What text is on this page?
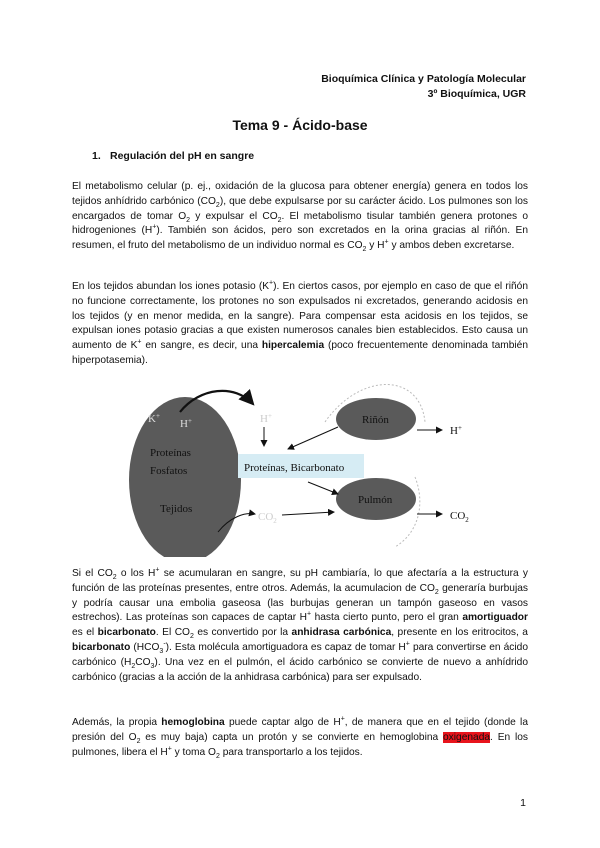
Bioquímica Clínica y Patología Molecular
3º Bioquímica, UGR
Tema 9 - Ácido-base
1. Regulación del pH en sangre
El metabolismo celular (p. ej., oxidación de la glucosa para obtener energía) genera en todos los tejidos anhídrido carbónico $(CO_2)$, que debe expulsarse por su carácter ácido. Los pulmones son los encargados de tomar $O_2$ y expulsar el $CO_2$. El metabolismo tisular también genera protones o hidrogeniones (H+). También son ácidos, pero son excretados en la orina gracias al riñón. En resumen, el fruto del metabolismo de un individuo normal es $CO_2$ y H+ y ambos deben excretarse.
En los tejidos abundan los iones potasio (K+). En ciertos casos, por ejemplo en caso de que el riñón no funcione correctamente, los protones no son expulsados ni excretados, generando acidosis en los tejidos (y en menor medida, en la sangre). Para compensar esta acidosis en los tejidos, se expulsan iones potasio gracias a que existen numerosos canales bien establecidos. Esto causa un aumento de K+ en sangre, es decir, una hipercalemia (poco frecuentemente denominada también hiperpotasemia).
K+
H+
Proteínas
Fosfatos
Tejidos
H+
$CO_2$
Proteínas, Bicarbonato
Riñón
Pulmón
H+
$CO_2$
Si el $CO_2$ o los H+ se acumularan en sangre, su pH cambiaría, lo que afectaría a la estructura y función de las proteínas presentes, entre otros. Además, la acumulacion de $CO_2$ generaría burbujas y podría causar una embolia gaseosa (las burbujas generan un tampón gaseoso en vasos estrechos). Las proteínas son capaces de captar H+ hasta cierto punto, pero el gran amortiguador es el bicarbonato. El $CO_2$ es convertido por la anhidrasa carbónica, presente en los eritrocitos, a bicarbonato $(HCO_3^-)$. Esta molécula amortiguadora es capaz de tomar H+ para convertirse en ácido carbónico $(H_2CO_3)$. Una vez en el pulmón, el ácido carbónico se convierte de nuevo a anhídrido carbónico (gracias a la acción de la anhidrasa carbónica) para ser expulsado.
Además, la propia hemoglobina puede captar algo de H+, de manera que en el tejido (donde la presión del $O_2$ es muy baja) capta un protón y se convierte en hemoglobina oxigenada. En los pulmones, libera el H+ y toma $O_2$ para transportarlo a los tejidos.
1
